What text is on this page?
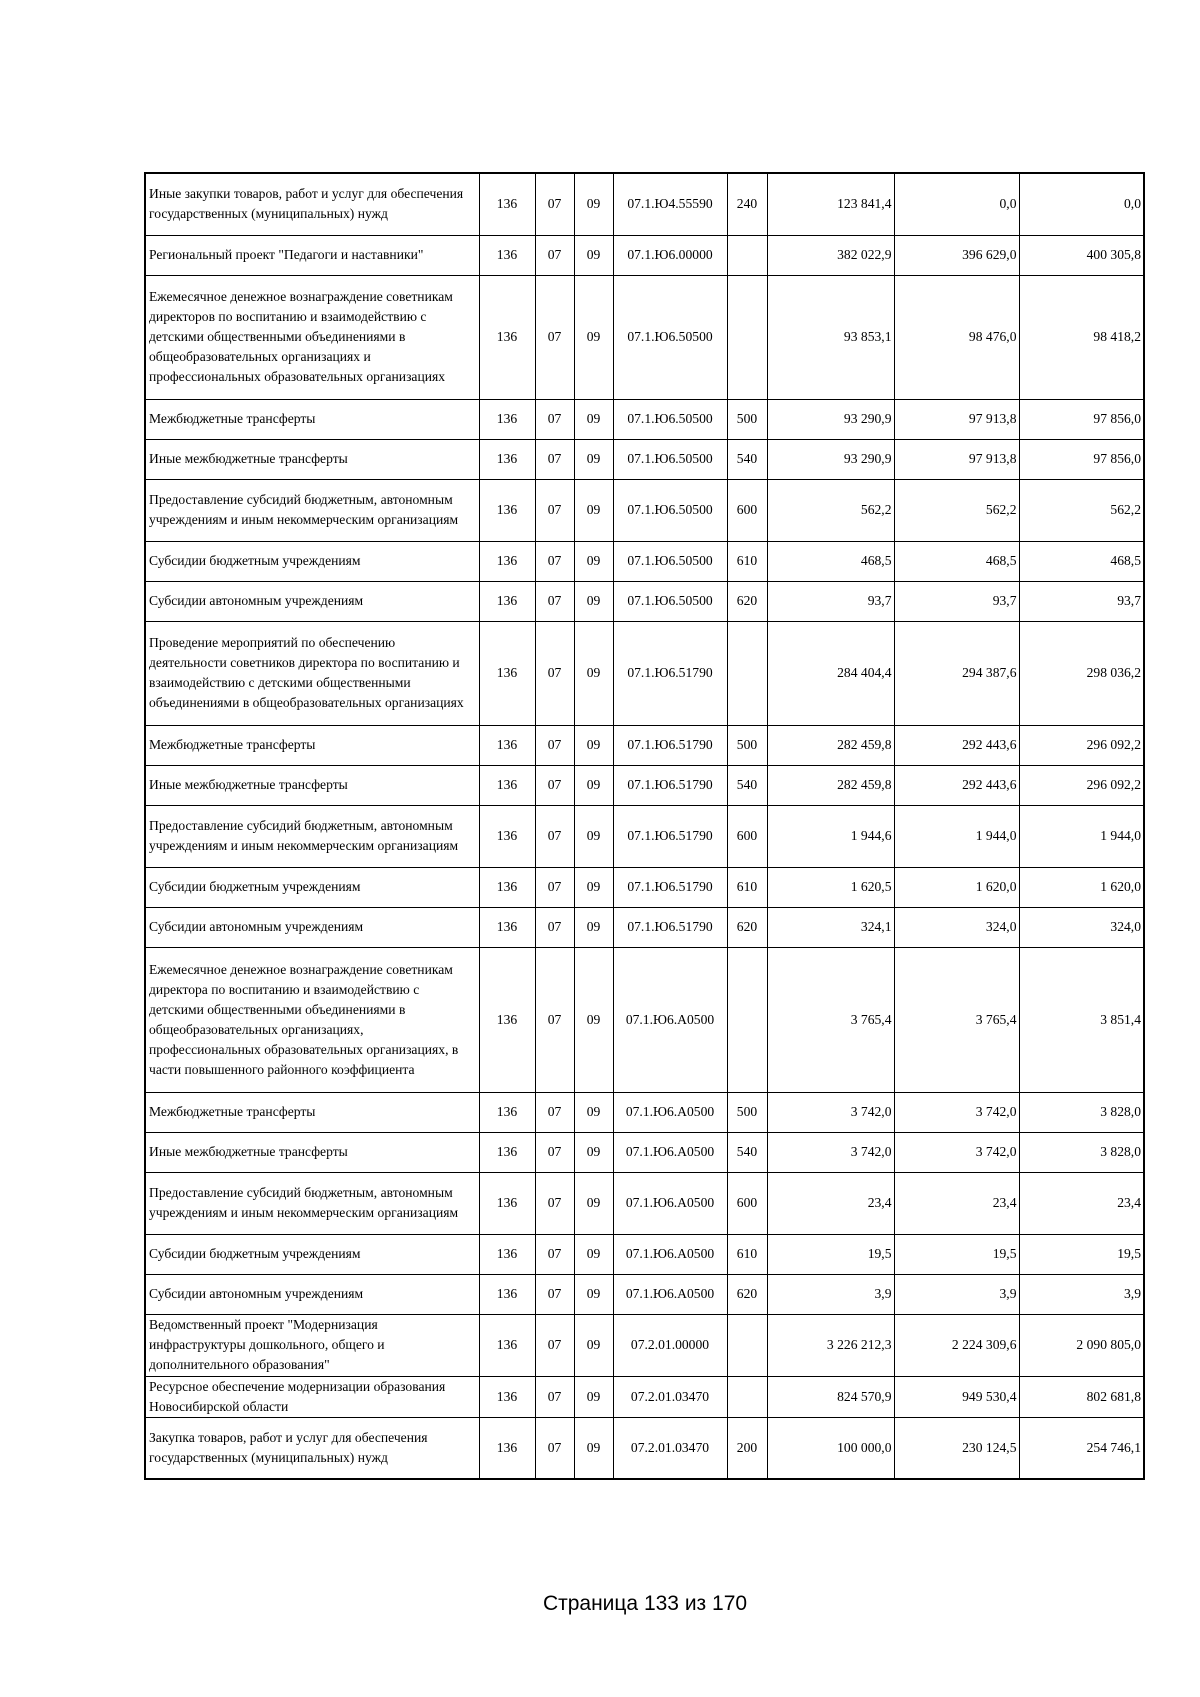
Иные закупки товаров, работ и услуг для обеспечения государственных (муниципальных) нужд	136	07	09	07.1.Ю4.55590	240	123 841,4	0,0	0,0
Региональный проект "Педагоги и наставники"	136	07	09	07.1.Ю6.00000		382 022,9	396 629,0	400 305,8
Ежемесячное денежное вознаграждение советникам директоров по воспитанию и взаимодействию с детскими общественными объединениями в общеобразовательных организациях и профессиональных образовательных организациях	136	07	09	07.1.Ю6.50500		93 853,1	98 476,0	98 418,2
Межбюджетные трансферты	136	07	09	07.1.Ю6.50500	500	93 290,9	97 913,8	97 856,0
Иные межбюджетные трансферты	136	07	09	07.1.Ю6.50500	540	93 290,9	97 913,8	97 856,0
Предоставление субсидий бюджетным, автономным учреждениям и иным некоммерческим организациям	136	07	09	07.1.Ю6.50500	600	562,2	562,2	562,2
Субсидии бюджетным учреждениям	136	07	09	07.1.Ю6.50500	610	468,5	468,5	468,5
Субсидии автономным учреждениям	136	07	09	07.1.Ю6.50500	620	93,7	93,7	93,7
Проведение мероприятий по обеспечению деятельности советников директора по воспитанию и взаимодействию с детскими общественными объединениями в общеобразовательных организациях	136	07	09	07.1.Ю6.51790		284 404,4	294 387,6	298 036,2
Межбюджетные трансферты	136	07	09	07.1.Ю6.51790	500	282 459,8	292 443,6	296 092,2
Иные межбюджетные трансферты	136	07	09	07.1.Ю6.51790	540	282 459,8	292 443,6	296 092,2
Предоставление субсидий бюджетным, автономным учреждениям и иным некоммерческим организациям	136	07	09	07.1.Ю6.51790	600	1 944,6	1 944,0	1 944,0
Субсидии бюджетным учреждениям	136	07	09	07.1.Ю6.51790	610	1 620,5	1 620,0	1 620,0
Субсидии автономным учреждениям	136	07	09	07.1.Ю6.51790	620	324,1	324,0	324,0
Ежемесячное денежное вознаграждение советникам директора по воспитанию и взаимодействию с детскими общественными объединениями в общеобразовательных организациях, профессиональных образовательных организациях, в части повышенного районного коэффициента	136	07	09	07.1.Ю6.А0500		3 765,4	3 765,4	3 851,4
Межбюджетные трансферты	136	07	09	07.1.Ю6.А0500	500	3 742,0	3 742,0	3 828,0
Иные межбюджетные трансферты	136	07	09	07.1.Ю6.А0500	540	3 742,0	3 742,0	3 828,0
Предоставление субсидий бюджетным, автономным учреждениям и иным некоммерческим организациям	136	07	09	07.1.Ю6.А0500	600	23,4	23,4	23,4
Субсидии бюджетным учреждениям	136	07	09	07.1.Ю6.А0500	610	19,5	19,5	19,5
Субсидии автономным учреждениям	136	07	09	07.1.Ю6.А0500	620	3,9	3,9	3,9
Ведомственный проект "Модернизация инфраструктуры дошкольного, общего и дополнительного образования"	136	07	09	07.2.01.00000		3 226 212,3	2 224 309,6	2 090 805,0
Ресурсное обеспечение модернизации образования Новосибирской области	136	07	09	07.2.01.03470		824 570,9	949 530,4	802 681,8
Закупка товаров, работ и услуг для обеспечения государственных (муниципальных) нужд	136	07	09	07.2.01.03470	200	100 000,0	230 124,5	254 746,1
Страница 133 из 170
